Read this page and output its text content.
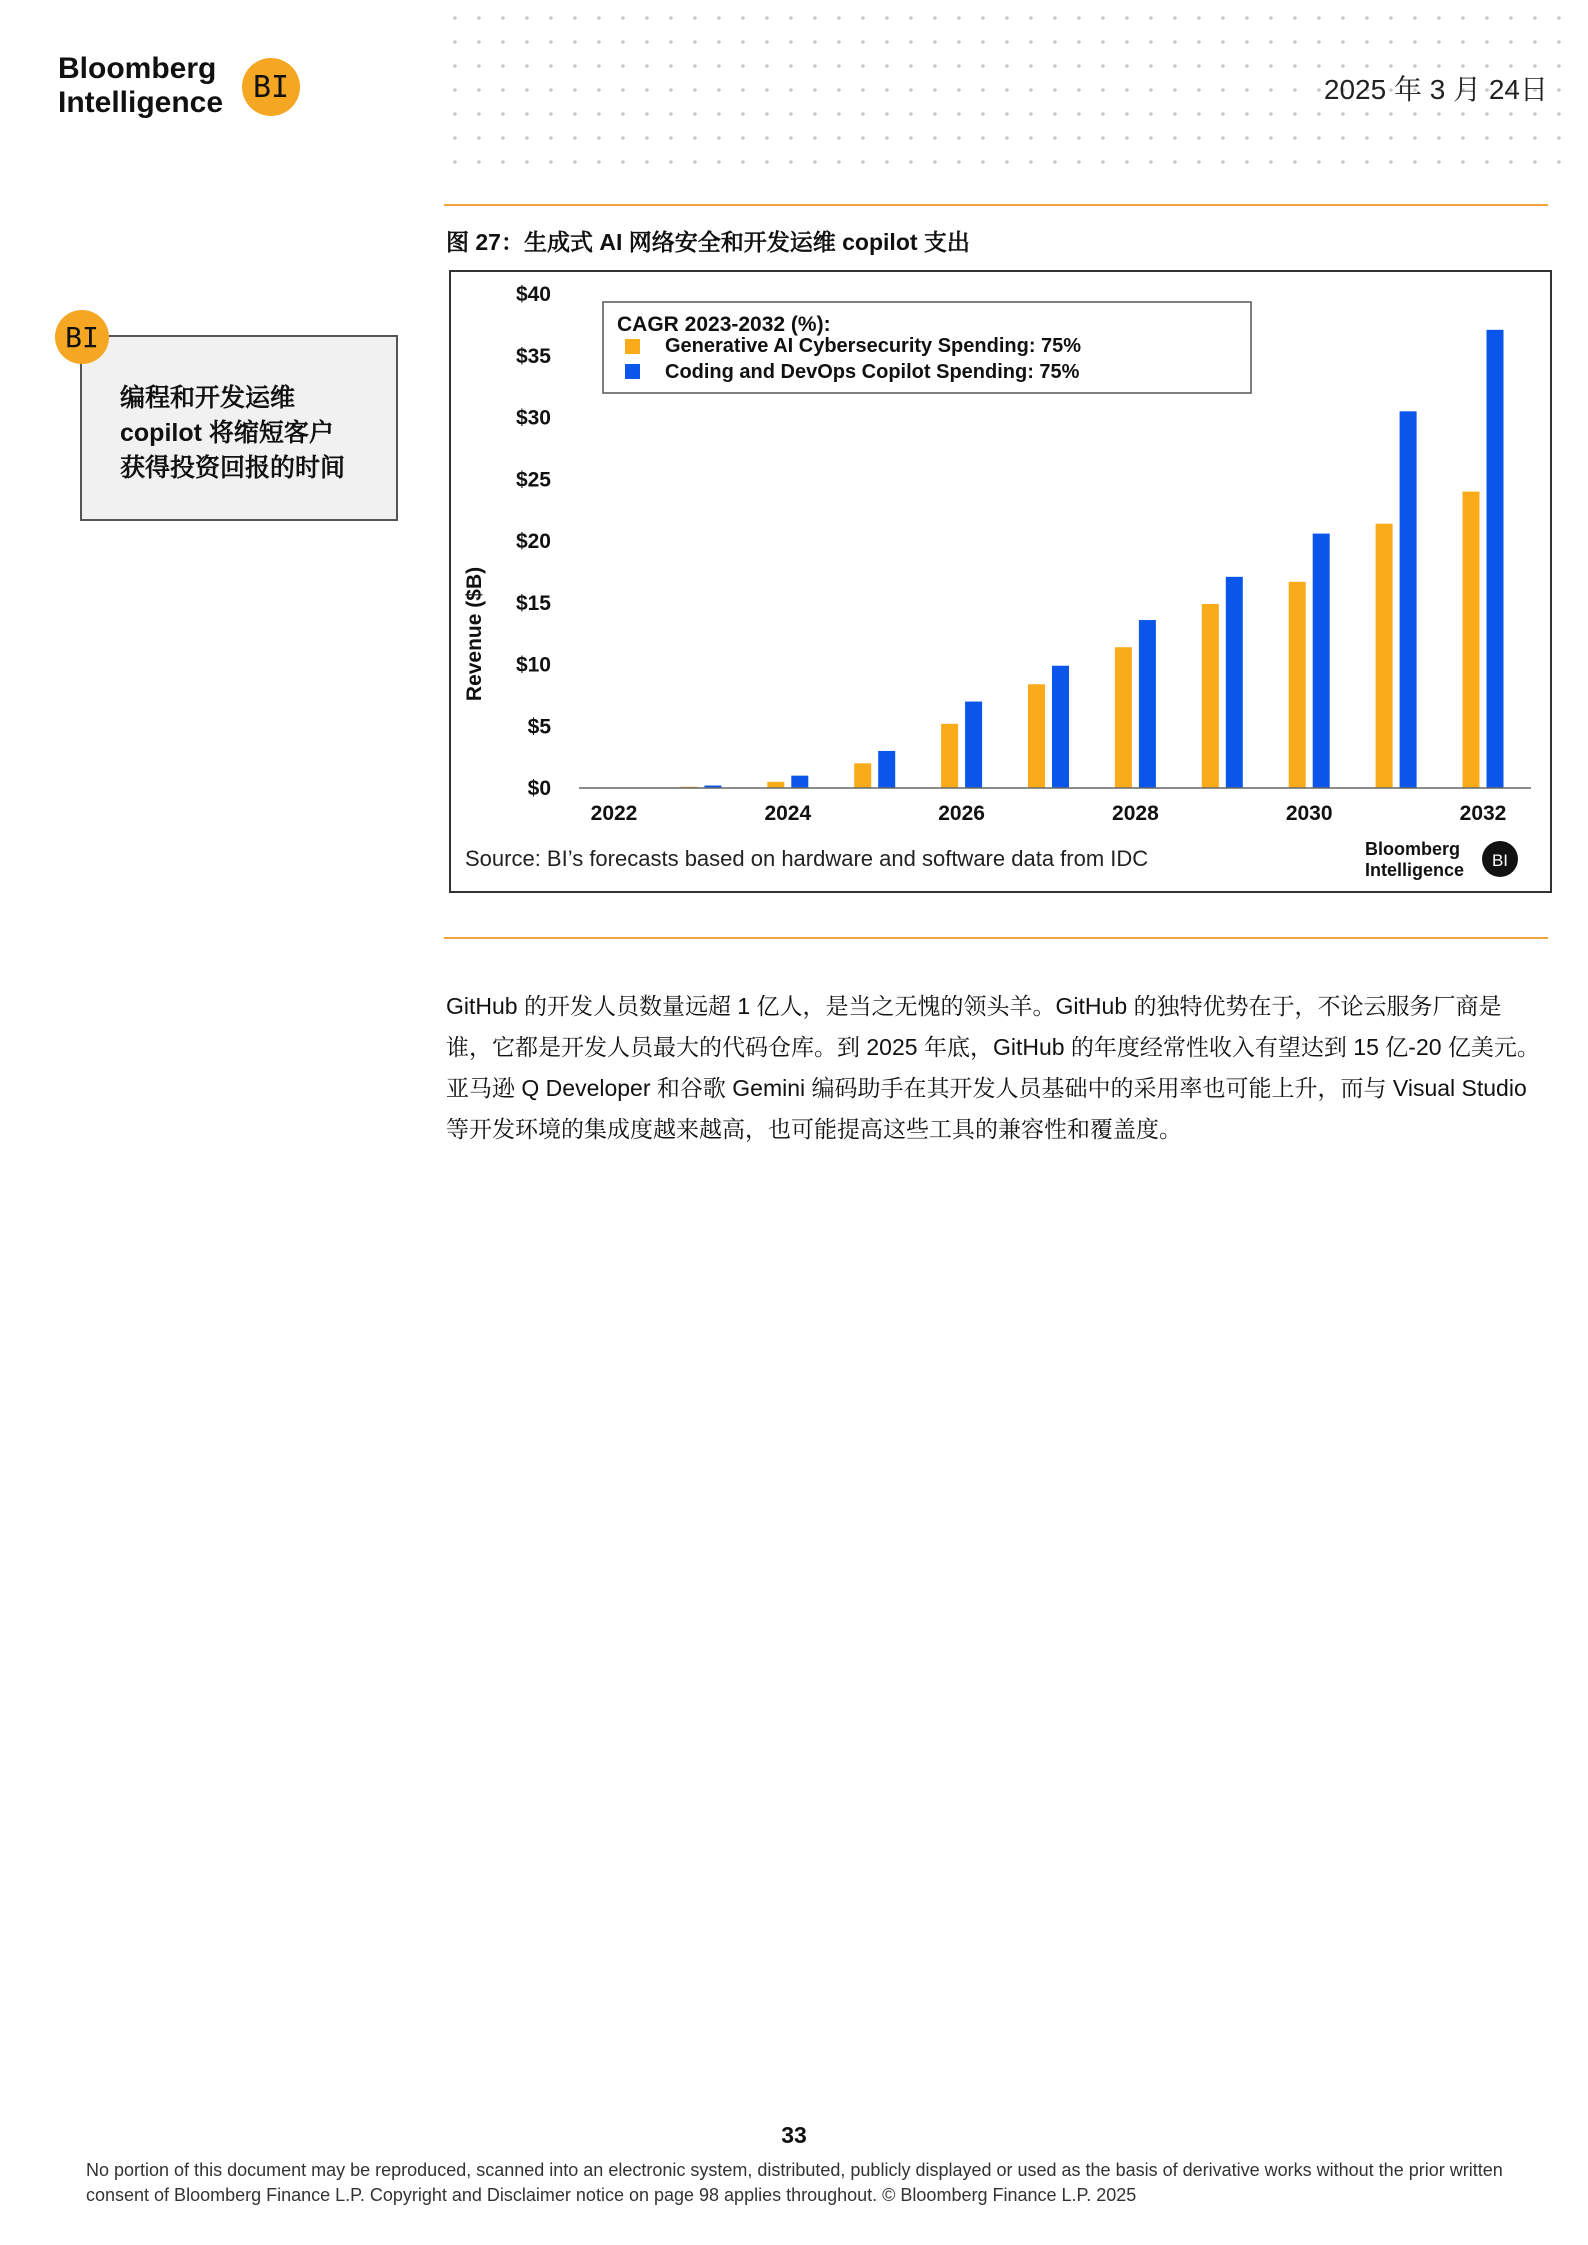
Bloomberg
Intelligence BI	2025 年 3 月 24日
编程和开发运维
copilot 将缩短客户
获得投资回报的时间
BI
图 27：生成式 AI 网络安全和开发运维 copilot 支出
$40
$35
$30
$25
$20
$15
$10
$5
$0
2022	2024	2026	2028	2030	2032
Revenue ($B)
CAGR 2023-2032 (%):
Generative AI Cybersecurity Spending: 75%
Coding and DevOps Copilot Spending: 75%
Source: BI’s forecasts based on hardware and software data from IDC	Bloomberg
Intelligence BI
GitHub 的开发人员数量远超 1 亿人，是当之无愧的领头羊。GitHub 的独特优势在于，不论云服务厂商是谁，它都是开发人员最大的代码仓库。到 2025 年底，GitHub 的年度经常性收入有望达到 15 亿-20 亿美元。亚马逊 Q Developer 和谷歌 Gemini 编码助手在其开发人员基础中的采用率也可能上升，而与 Visual Studio 等开发环境的集成度越来越高，也可能提高这些工具的兼容性和覆盖度。
33
No portion of this document may be reproduced, scanned into an electronic system, distributed, publicly displayed or used as the basis of derivative works without the prior written consent of Bloomberg Finance L.P. Copyright and Disclaimer notice on page 98 applies throughout. © Bloomberg Finance L.P. 2025
